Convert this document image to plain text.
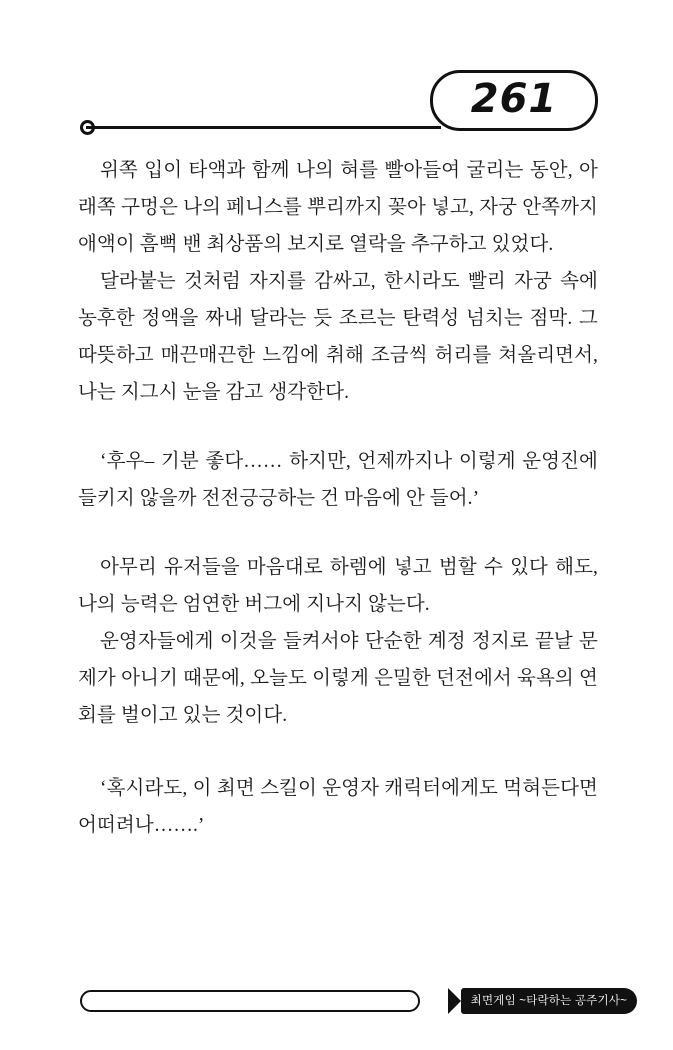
261

위쪽 입이 타액과 함께 나의 혀를 빨아들여 굴리는 동안, 아래쪽 구멍은 나의 페니스를 뿌리까지 꽂아 넣고, 자궁 안쪽까지 애액이 흠뻑 밴 최상품의 보지로 열락을 추구하고 있었다.

달라붙는 것처럼 자지를 감싸고, 한시라도 빨리 자궁 속에 농후한 정액을 짜내 달라는 듯 조르는 탄력성 넘치는 점막. 그 따뜻하고 매끈매끈한 느낌에 취해 조금씩 허리를 쳐올리면서, 나는 지그시 눈을 감고 생각한다.

‘후우– 기분 좋다…… 하지만, 언제까지나 이렇게 운영진에 들키지 않을까 전전긍긍하는 건 마음에 안 들어.’

아무리 유저들을 마음대로 하렘에 넣고 범할 수 있다 해도, 나의 능력은 엄연한 버그에 지나지 않는다.

운영자들에게 이것을 들켜서야 단순한 계정 정지로 끝날 문제가 아니기 때문에, 오늘도 이렇게 은밀한 던전에서 육욕의 연회를 벌이고 있는 것이다.

‘혹시라도, 이 최면 스킬이 운영자 캐릭터에게도 먹혀든다면 어떠려나…….’

최면게임 ~타락하는 공주기사~
